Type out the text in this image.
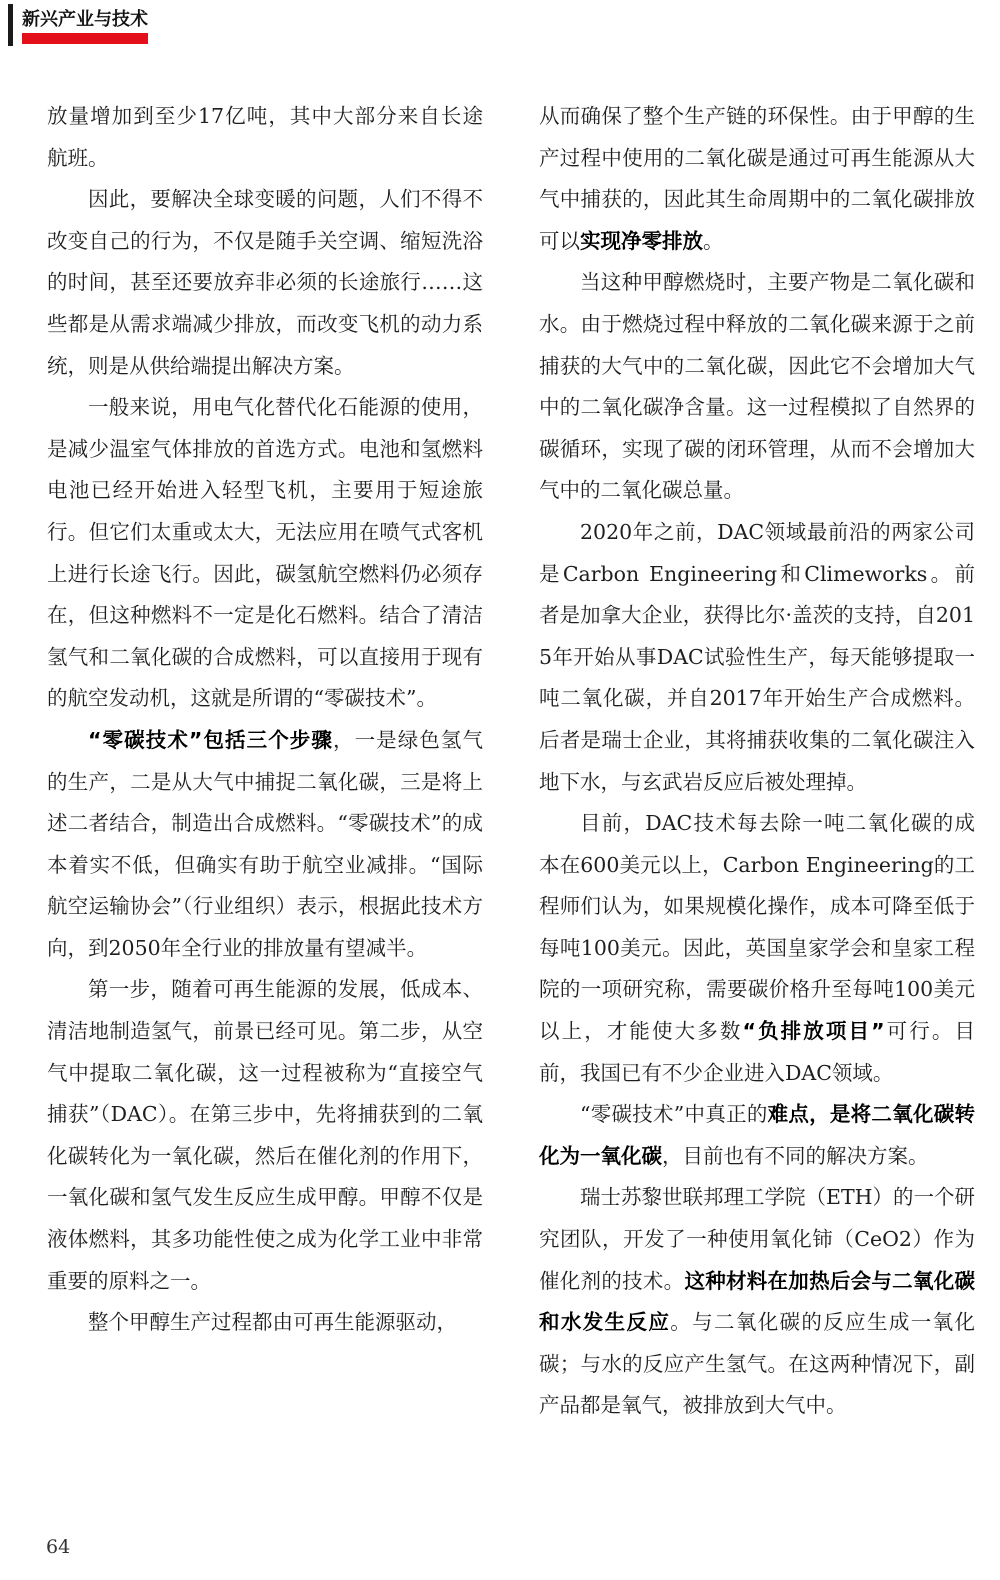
新兴产业与技术

放量增加到至少17亿吨，其中大部分来自长途航班。

因此，要解决全球变暖的问题，人们不得不改变自己的行为，不仅是随手关空调、缩短洗浴的时间，甚至还要放弃非必须的长途旅行……这些都是从需求端减少排放，而改变飞机的动力系统，则是从供给端提出解决方案。

一般来说，用电气化替代化石能源的使用，是减少温室气体排放的首选方式。电池和氢燃料电池已经开始进入轻型飞机，主要用于短途旅行。但它们太重或太大，无法应用在喷气式客机上进行长途飞行。因此，碳氢航空燃料仍必须存在，但这种燃料不一定是化石燃料。结合了清洁氢气和二氧化碳的合成燃料，可以直接用于现有的航空发动机，这就是所谓的“零碳技术”。

“零碳技术”包括三个步骤，一是绿色氢气的生产，二是从大气中捕捉二氧化碳，三是将上述二者结合，制造出合成燃料。“零碳技术”的成本着实不低，但确实有助于航空业减排。“国际航空运输协会”（行业组织）表示，根据此技术方向，到2050年全行业的排放量有望减半。

第一步，随着可再生能源的发展，低成本、清洁地制造氢气，前景已经可见。第二步，从空气中提取二氧化碳，这一过程被称为“直接空气捕获”（DAC）。在第三步中，先将捕获到的二氧化碳转化为一氧化碳，然后在催化剂的作用下，一氧化碳和氢气发生反应生成甲醇。甲醇不仅是液体燃料，其多功能性使之成为化学工业中非常重要的原料之一。

整个甲醇生产过程都由可再生能源驱动，

从而确保了整个生产链的环保性。由于甲醇的生产过程中使用的二氧化碳是通过可再生能源从大气中捕获的，因此其生命周期中的二氧化碳排放可以实现净零排放。

当这种甲醇燃烧时，主要产物是二氧化碳和水。由于燃烧过程中释放的二氧化碳来源于之前捕获的大气中的二氧化碳，因此它不会增加大气中的二氧化碳净含量。这一过程模拟了自然界的碳循环，实现了碳的闭环管理，从而不会增加大气中的二氧化碳总量。

2020年之前，DAC领域最前沿的两家公司是Carbon Engineering和Climeworks。前者是加拿大企业，获得比尔·盖茨的支持，自2015年开始从事DAC试验性生产，每天能够提取一吨二氧化碳，并自2017年开始生产合成燃料。后者是瑞士企业，其将捕获收集的二氧化碳注入地下水，与玄武岩反应后被处理掉。

目前，DAC技术每去除一吨二氧化碳的成本在600美元以上，Carbon Engineering的工程师们认为，如果规模化操作，成本可降至低于每吨100美元。因此，英国皇家学会和皇家工程院的一项研究称，需要碳价格升至每吨100美元以上，才能使大多数“负排放项目”可行。目前，我国已有不少企业进入DAC领域。

“零碳技术”中真正的难点，是将二氧化碳转化为一氧化碳，目前也有不同的解决方案。

瑞士苏黎世联邦理工学院（ETH）的一个研究团队，开发了一种使用氧化铈（CeO2）作为催化剂的技术。这种材料在加热后会与二氧化碳和水发生反应。与二氧化碳的反应生成一氧化碳；与水的反应产生氢气。在这两种情况下，副产品都是氧气，被排放到大气中。

64
